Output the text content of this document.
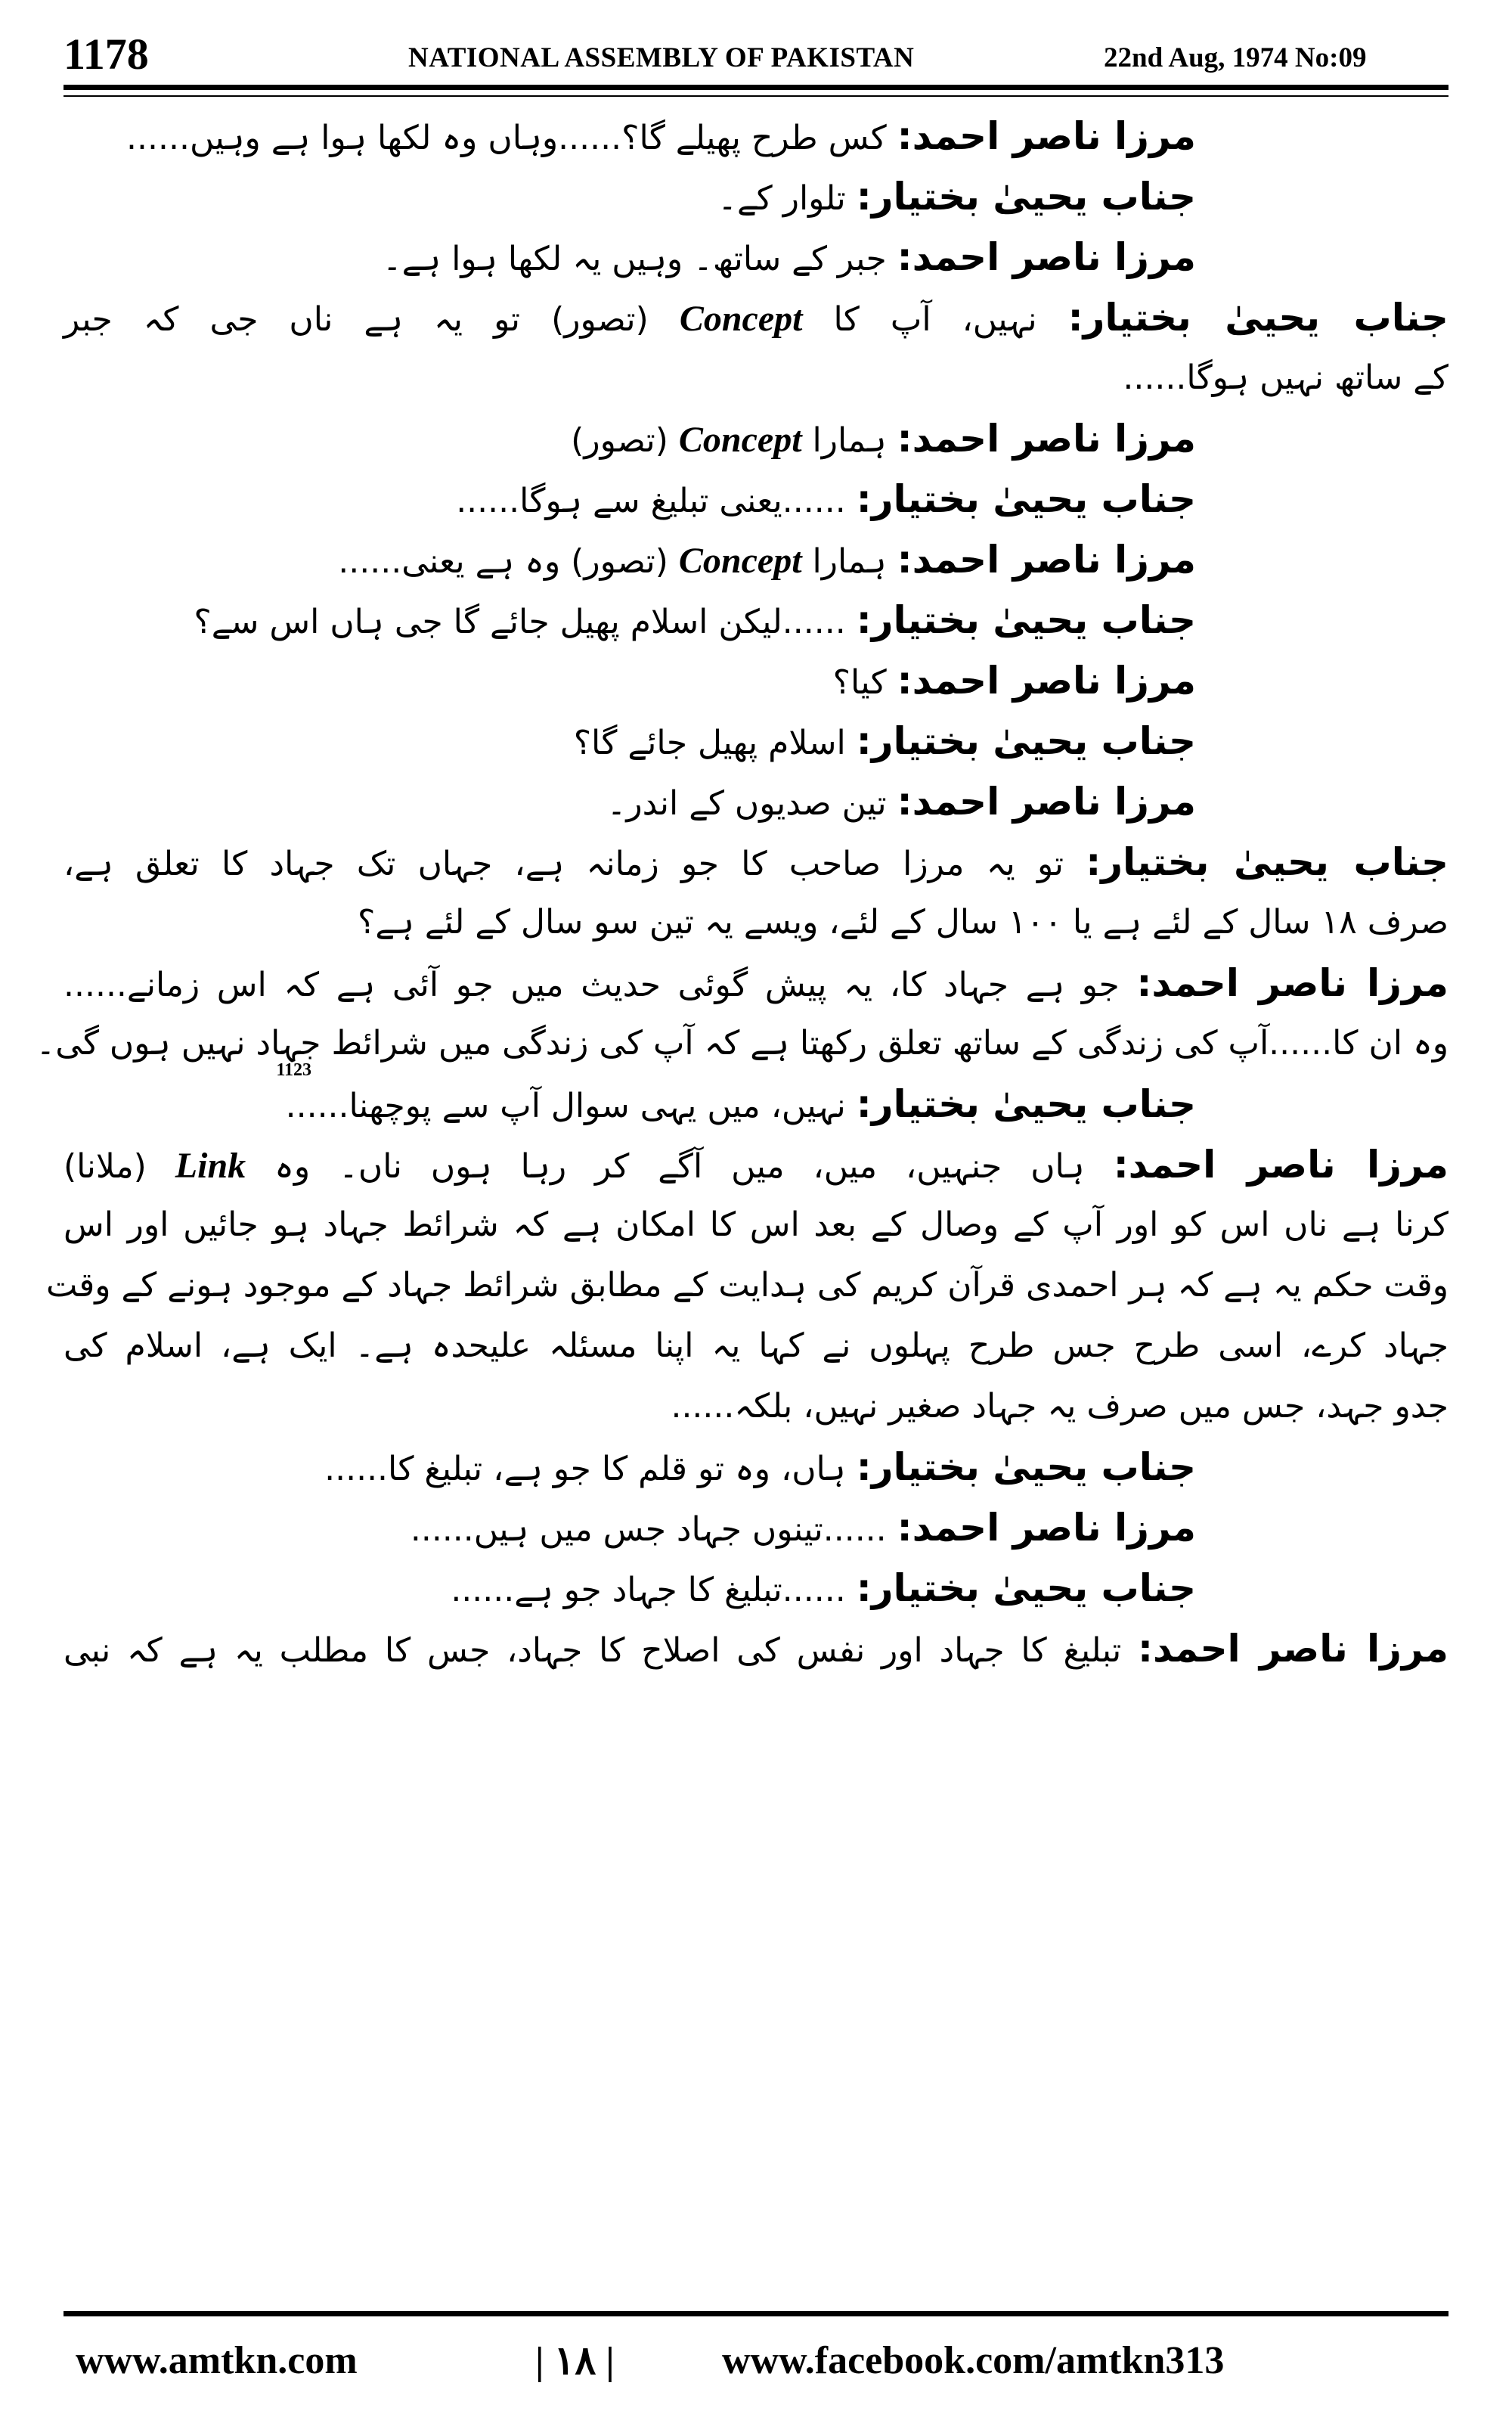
1178	NATIONAL ASSEMBLY OF PAKISTAN	22nd Aug, 1974 No:09
مرزا ناصر احمد: کس طرح پھیلے گا؟......وہاں وہ لکھا ہوا ہے وہیں......
جناب یحییٰ بختیار: تلوار کے۔
مرزا ناصر احمد: جبر کے ساتھ۔ وہیں یہ لکھا ہوا ہے۔
جناب یحییٰ بختیار: نہیں، آپ کا Concept (تصور) تو یہ ہے ناں جی کہ جبر
کے ساتھ نہیں ہوگا......
مرزا ناصر احمد: ہمارا Concept (تصور)
جناب یحییٰ بختیار: ......یعنی تبلیغ سے ہوگا......
مرزا ناصر احمد: ہمارا Concept (تصور) وہ ہے یعنی......
جناب یحییٰ بختیار: ......لیکن اسلام پھیل جائے گا جی ہاں اس سے؟
مرزا ناصر احمد: کیا؟
جناب یحییٰ بختیار: اسلام پھیل جائے گا؟
مرزا ناصر احمد: تین صدیوں کے اندر۔
جناب یحییٰ بختیار: تو یہ مرزا صاحب کا جو زمانہ ہے، جہاں تک جہاد کا تعلق ہے،
صرف ۱۸ سال کے لئے ہے یا ۱۰۰ سال کے لئے، ویسے یہ تین سو سال کے لئے ہے؟
مرزا ناصر احمد: جو ہے جہاد کا، یہ پیش گوئی حدیث میں جو آئی ہے کہ اس زمانے......
وہ ان کا......آپ کی زندگی کے ساتھ تعلق رکھتا ہے کہ آپ کی زندگی میں شرائط جہاد نہیں ہوں گی۔
جناب یحییٰ بختیار: نہیں، میں یہی سوال آپ سے پوچھنا......
مرزا ناصر احمد: ہاں جنہیں، میں، میں آگے کر رہا ہوں ناں۔ وہ Link (ملانا)
کرنا ہے ناں اس کو اور آپ کے وصال کے بعد اس کا امکان ہے کہ شرائط جہاد ہو جائیں اور اس
وقت حکم یہ ہے کہ ہر احمدی قرآن کریم کی ہدایت کے مطابق شرائط جہاد کے موجود ہونے کے وقت
جہاد کرے، اسی طرح جس طرح پہلوں نے کہا یہ اپنا مسئلہ علیحدہ ہے۔ ایک ہے، اسلام کی
جدو جہد، جس میں صرف یہ جہاد صغیر نہیں، بلکہ......
جناب یحییٰ بختیار: ہاں، وہ تو قلم کا جو ہے، تبلیغ کا......
مرزا ناصر احمد: ......تینوں جہاد جس میں ہیں......
جناب یحییٰ بختیار: ......تبلیغ کا جہاد جو ہے......
مرزا ناصر احمد: تبلیغ کا جہاد اور نفس کی اصلاح کا جہاد، جس کا مطلب یہ ہے کہ نبی
1123
www.amtkn.com	| ۱۸ |	www.facebook.com/amtkn313
